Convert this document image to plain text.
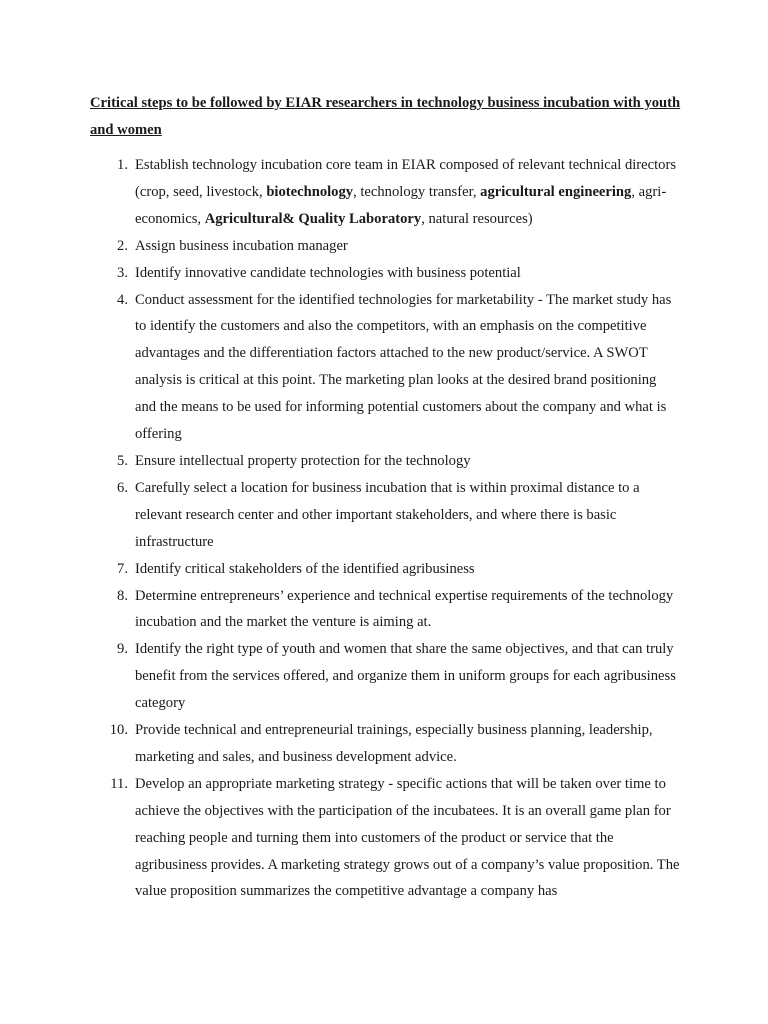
Critical steps to be followed by EIAR researchers in technology business incubation with youth and women
1. Establish technology incubation core team in EIAR composed of relevant technical directors (crop, seed, livestock, biotechnology, technology transfer, agricultural engineering, agri-economics, Agricultural& Quality Laboratory, natural resources)
2. Assign business incubation manager
3. Identify innovative candidate technologies with business potential
4. Conduct assessment for the identified technologies for marketability - The market study has to identify the customers and also the competitors, with an emphasis on the competitive advantages and the differentiation factors attached to the new product/service. A SWOT analysis is critical at this point. The marketing plan looks at the desired brand positioning and the means to be used for informing potential customers about the company and what is offering
5. Ensure intellectual property protection for the technology
6. Carefully select a location for business incubation that is within proximal distance to a relevant research center and other important stakeholders, and where there is basic infrastructure
7. Identify critical stakeholders of the identified agribusiness
8. Determine entrepreneurs’ experience and technical expertise requirements of the technology incubation and the market the venture is aiming at.
9. Identify the right type of youth and women that share the same objectives, and that can truly benefit from the services offered, and organize them in uniform groups for each agribusiness category
10. Provide technical and entrepreneurial trainings, especially business planning, leadership, marketing and sales, and business development advice.
11. Develop an appropriate marketing strategy - specific actions that will be taken over time to achieve the objectives with the participation of the incubatees. It is an overall game plan for reaching people and turning them into customers of the product or service that the agribusiness provides. A marketing strategy grows out of a company’s value proposition. The value proposition summarizes the competitive advantage a company has
